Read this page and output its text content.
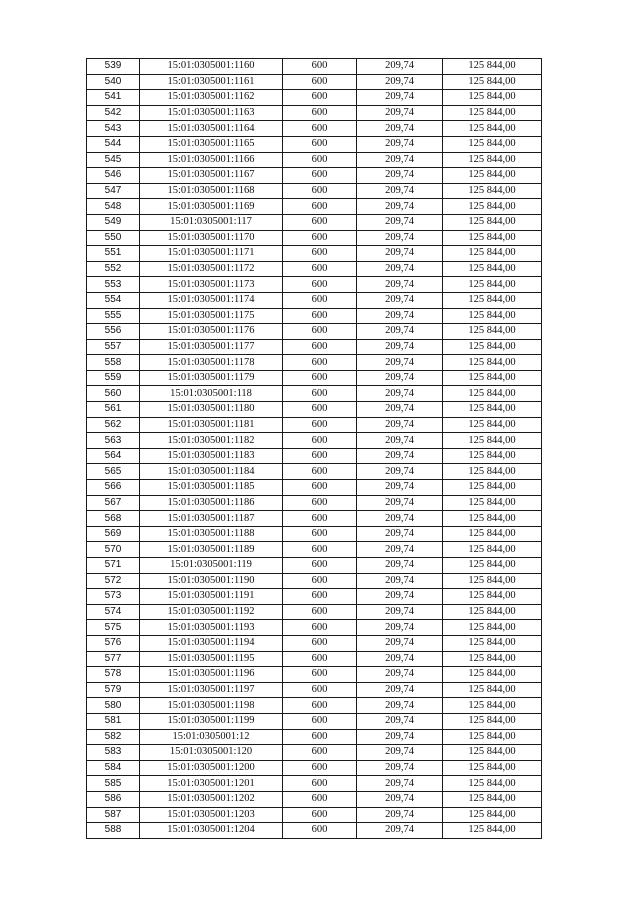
539	15:01:0305001:1160	600	209,74	125 844,00
540	15:01:0305001:1161	600	209,74	125 844,00
541	15:01:0305001:1162	600	209,74	125 844,00
542	15:01:0305001:1163	600	209,74	125 844,00
543	15:01:0305001:1164	600	209,74	125 844,00
544	15:01:0305001:1165	600	209,74	125 844,00
545	15:01:0305001:1166	600	209,74	125 844,00
546	15:01:0305001:1167	600	209,74	125 844,00
547	15:01:0305001:1168	600	209,74	125 844,00
548	15:01:0305001:1169	600	209,74	125 844,00
549	15:01:0305001:117	600	209,74	125 844,00
550	15:01:0305001:1170	600	209,74	125 844,00
551	15:01:0305001:1171	600	209,74	125 844,00
552	15:01:0305001:1172	600	209,74	125 844,00
553	15:01:0305001:1173	600	209,74	125 844,00
554	15:01:0305001:1174	600	209,74	125 844,00
555	15:01:0305001:1175	600	209,74	125 844,00
556	15:01:0305001:1176	600	209,74	125 844,00
557	15:01:0305001:1177	600	209,74	125 844,00
558	15:01:0305001:1178	600	209,74	125 844,00
559	15:01:0305001:1179	600	209,74	125 844,00
560	15:01:0305001:118	600	209,74	125 844,00
561	15:01:0305001:1180	600	209,74	125 844,00
562	15:01:0305001:1181	600	209,74	125 844,00
563	15:01:0305001:1182	600	209,74	125 844,00
564	15:01:0305001:1183	600	209,74	125 844,00
565	15:01:0305001:1184	600	209,74	125 844,00
566	15:01:0305001:1185	600	209,74	125 844,00
567	15:01:0305001:1186	600	209,74	125 844,00
568	15:01:0305001:1187	600	209,74	125 844,00
569	15:01:0305001:1188	600	209,74	125 844,00
570	15:01:0305001:1189	600	209,74	125 844,00
571	15:01:0305001:119	600	209,74	125 844,00
572	15:01:0305001:1190	600	209,74	125 844,00
573	15:01:0305001:1191	600	209,74	125 844,00
574	15:01:0305001:1192	600	209,74	125 844,00
575	15:01:0305001:1193	600	209,74	125 844,00
576	15:01:0305001:1194	600	209,74	125 844,00
577	15:01:0305001:1195	600	209,74	125 844,00
578	15:01:0305001:1196	600	209,74	125 844,00
579	15:01:0305001:1197	600	209,74	125 844,00
580	15:01:0305001:1198	600	209,74	125 844,00
581	15:01:0305001:1199	600	209,74	125 844,00
582	15:01:0305001:12	600	209,74	125 844,00
583	15:01:0305001:120	600	209,74	125 844,00
584	15:01:0305001:1200	600	209,74	125 844,00
585	15:01:0305001:1201	600	209,74	125 844,00
586	15:01:0305001:1202	600	209,74	125 844,00
587	15:01:0305001:1203	600	209,74	125 844,00
588	15:01:0305001:1204	600	209,74	125 844,00
